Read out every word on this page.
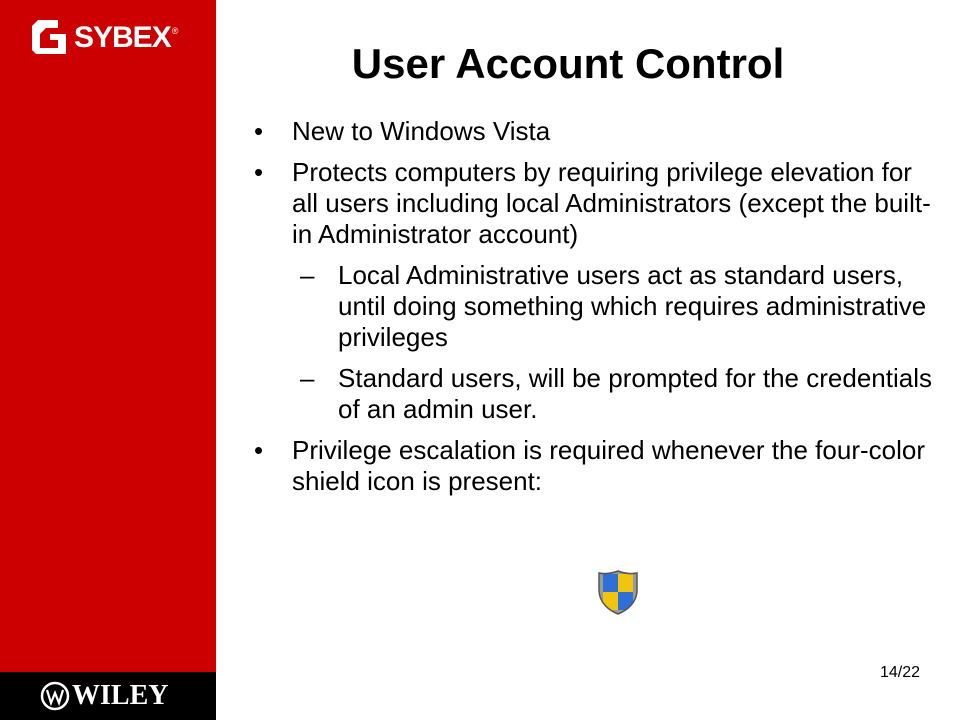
SYBEX ®
WILEY
User Account Control
•	New to Windows Vista
•	Protects computers by requiring privilege elevation for all users including local Administrators (except the built-in Administrator account)
– Local Administrative users act as standard users, until doing something which requires administrative privileges
– Standard users, will be prompted for the credentials of an admin user.
•	Privilege escalation is required whenever the four-color shield icon is present:
14/22
